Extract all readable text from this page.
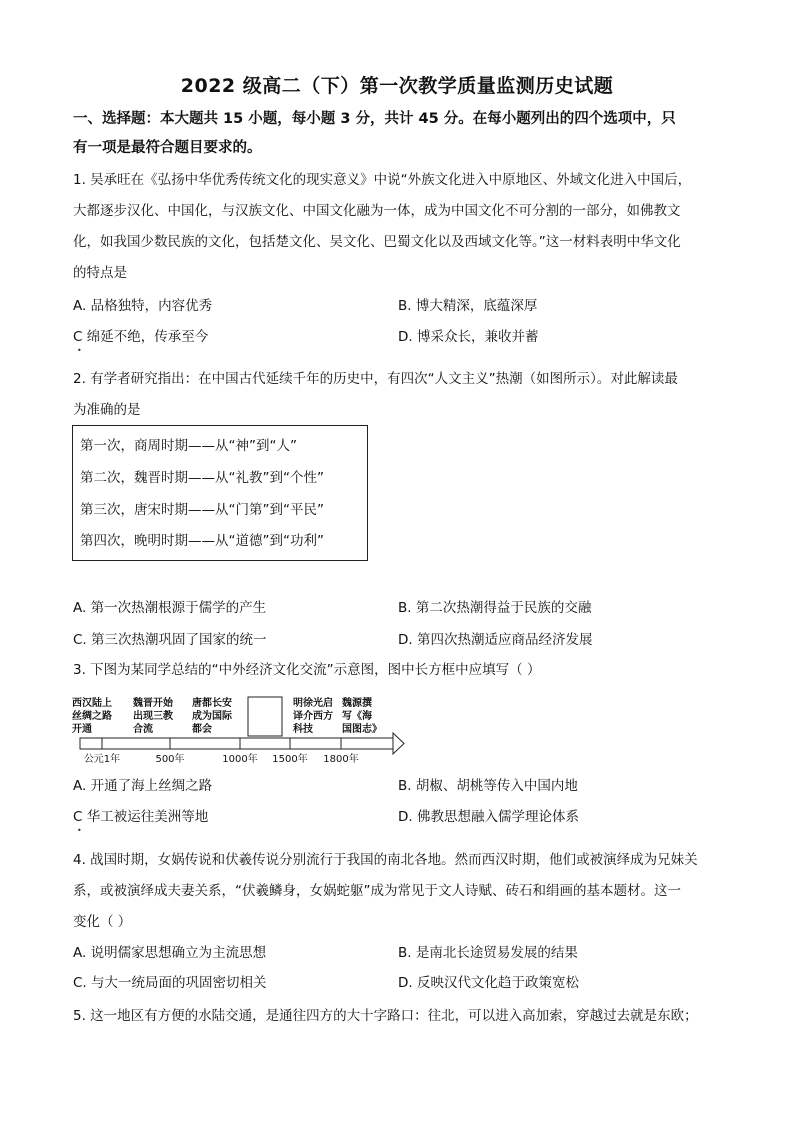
2022 级高二（下）第一次教学质量监测历史试题
一、选择题：本大题共 15 小题，每小题 3 分，共计 45 分。在每小题列出的四个选项中，只
有一项是最符合题目要求的。
1. 吴承旺在《弘扬中华优秀传统文化的现实意义》中说“外族文化进入中原地区、外域文化进入中国后，
大都逐步汉化、中国化，与汉族文化、中国文化融为一体，成为中国文化不可分割的一部分，如佛教文
化，如我国少数民族的文化，包括楚文化、吴文化、巴蜀文化以及西域文化等。”这一材料表明中华文化
的特点是
A. 品格独特，内容优秀	B. 博大精深，底蕴深厚
C 绵延不绝，传承至今	D. 博采众长，兼收并蓄
•
2. 有学者研究指出：在中国古代延续千年的历史中，有四次“人文主义”热潮（如图所示）。对此解读最
为准确的是
第一次，商周时期——从“神”到“人”
第二次，魏晋时期——从“礼教”到“个性”
第三次，唐宋时期——从“门第”到“平民”
第四次，晚明时期——从“道德”到“功利”
A. 第一次热潮根源于儒学的产生	B. 第二次热潮得益于民族的交融
C. 第三次热潮巩固了国家的统一	D. 第四次热潮适应商品经济发展
3. 下图为某同学总结的“中外经济文化交流”示意图，图中长方框中应填写（ ）
西汉陆上
丝绸之路
开通
魏晋开始
出现三教
合流
唐都长安
成为国际
都会
明徐光启
译介西方
科技
魏源撰
写《海
国图志》
公元1年	500年	1000年 1500年 1800年
A. 开通了海上丝绸之路	B. 胡椒、胡桃等传入中国内地
C 华工被运往美洲等地	D. 佛教思想融入儒学理论体系
•
4. 战国时期，女娲传说和伏羲传说分别流行于我国的南北各地。然而西汉时期，他们或被演绎成为兄妹关
系，或被演绎成夫妻关系，“伏羲鳞身，女娲蛇躯”成为常见于文人诗赋、砖石和绢画的基本题材。这一
变化（ ）
A. 说明儒家思想确立为主流思想	B. 是南北长途贸易发展的结果
C. 与大一统局面的巩固密切相关	D. 反映汉代文化趋于政策宽松
5. 这一地区有方便的水陆交通，是通往四方的大十字路口：往北，可以进入高加索，穿越过去就是东欧；
